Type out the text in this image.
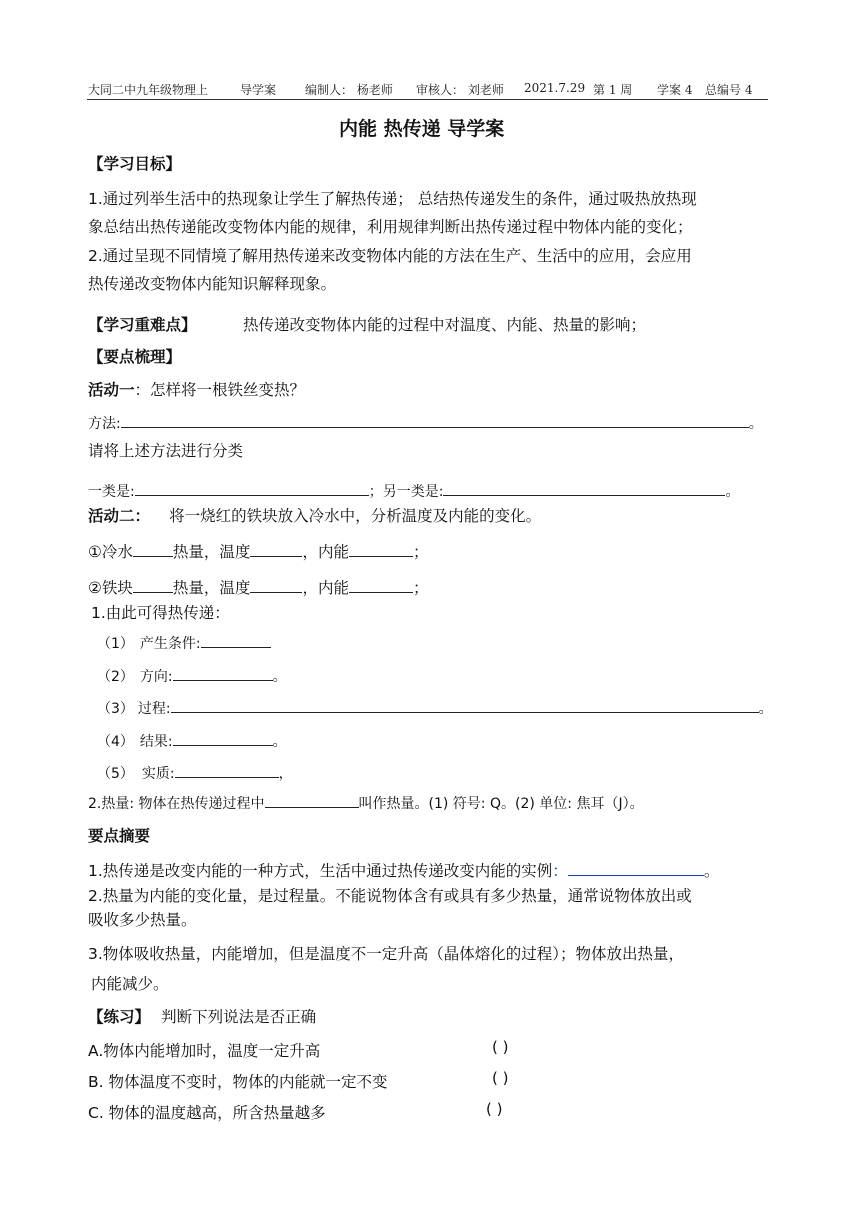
大同二中九年级物理上	导学案 编制人： 杨老师 审核人： 刘老师 2021.7.29 第 1 周 学案 4 总编号 4
内能 热传递 导学案
【学习目标】
1.通过列举生活中的热现象让学生了解热传递； 总结热传递发生的条件，通过吸热放热现
象总结出热传递能改变物体内能的规律，利用规律判断出热传递过程中物体内能的变化；
2.通过呈现不同情境了解用热传递来改变物体内能的方法在生产、生活中的应用，会应用
热传递改变物体内能知识解释现象。
【学习重难点】	热传递改变物体内能的过程中对温度、内能、热量的影响；
【要点梳理】
活动一：怎样将一根铁丝变热？
方法:	。
请将上述方法进行分类
一类是:	；另一类是:	。
活动二： 将一烧红的铁块放入冷水中，分析温度及内能的变化。
①冷水	热量，温度	，内能	；
②铁块	热量，温度	，内能	；
1.由此可得热传递：
（1） 产生条件:
（2） 方向:	。
（3） 过程:	。
（4） 结果:	。
（5） 实质:	，
2.热量: 物体在热传递过程中	叫作热量。(1) 符号: Q。(2) 单位: 焦耳（J）。
要点摘要
1.热传递是改变内能的一种方式，生活中通过热传递改变内能的实例：	。
2.热量为内能的变化量，是过程量。不能说物体含有或具有多少热量，通常说物体放出或
吸收多少热量。
3.物体吸收热量，内能增加，但是温度不一定升高（晶体熔化的过程）；物体放出热量，
内能减少。
【练习】 判断下列说法是否正确
A.物体内能增加时，温度一定升高	( )
B. 物体温度不变时，物体的内能就一定不变	( )
C. 物体的温度越高，所含热量越多	( )
